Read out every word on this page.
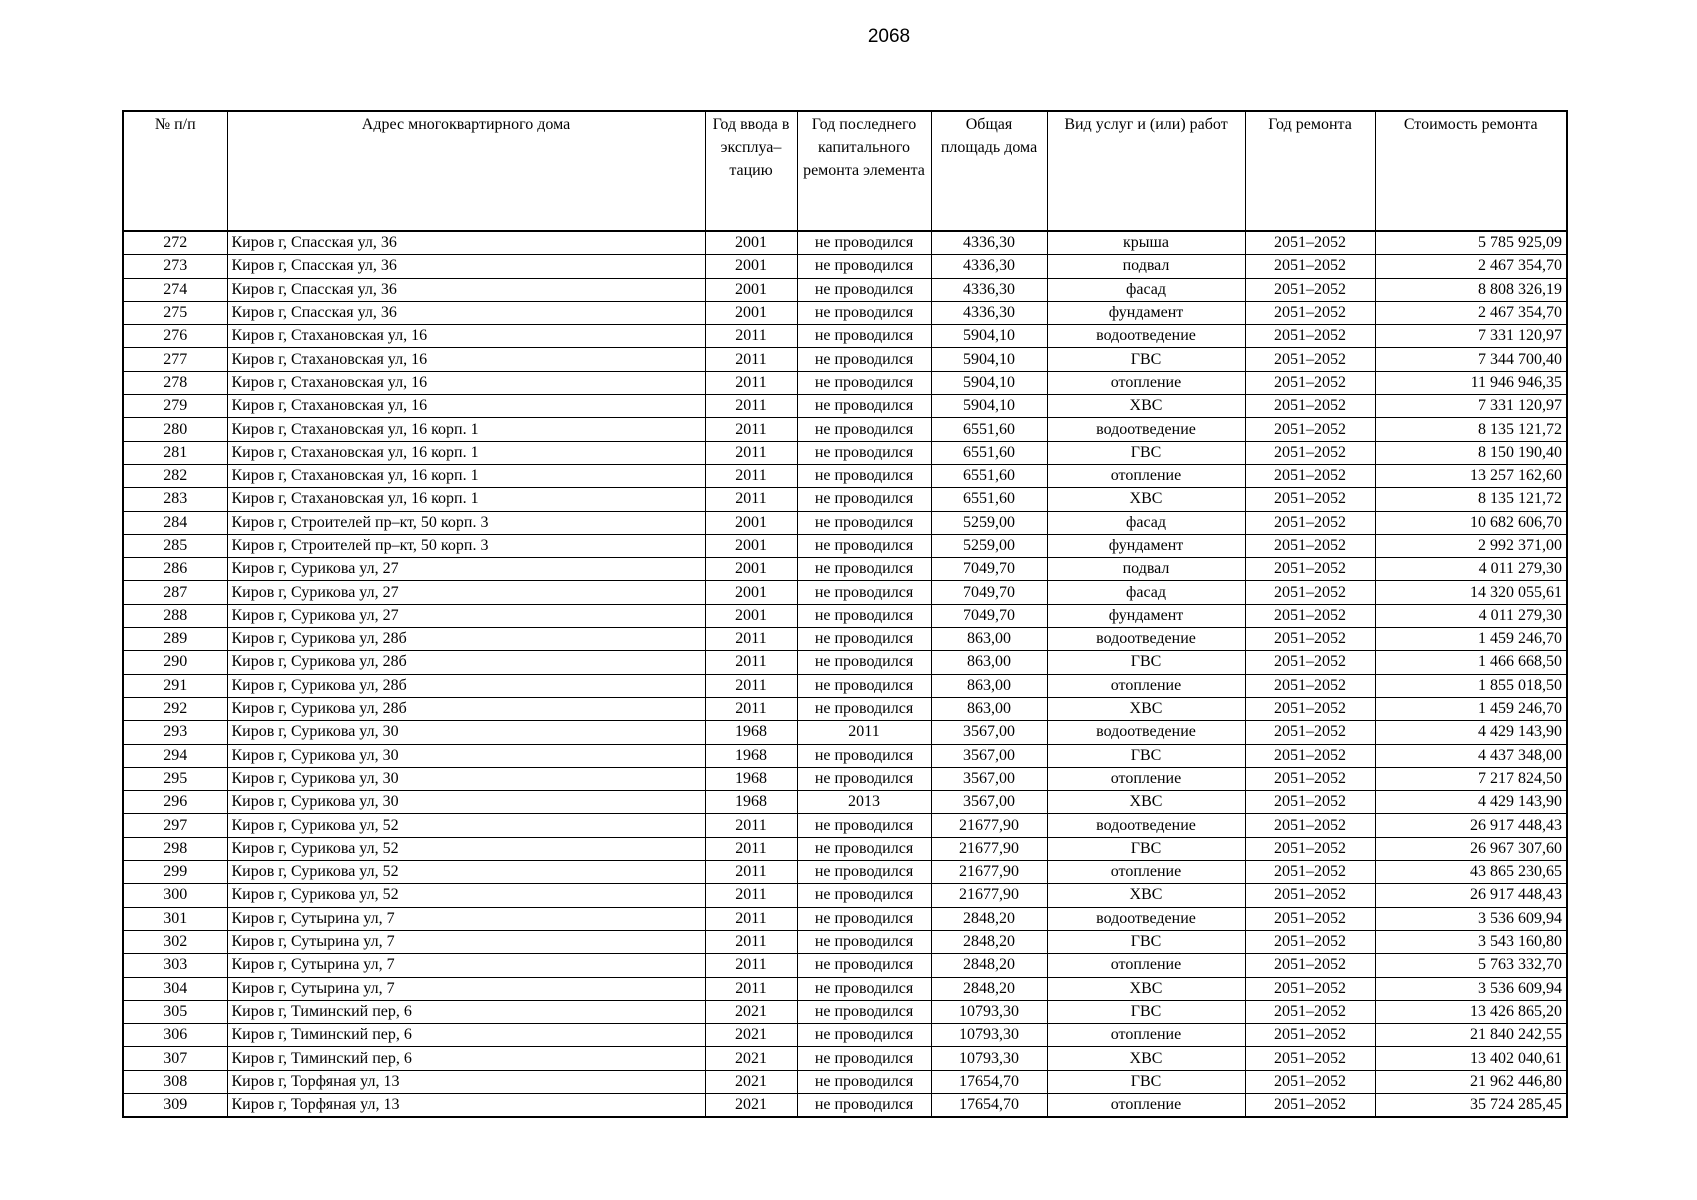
2068
№ п/п	Адрес многоквартирного дома	Год ввода в эксплуа– тацию	Год последнего капитального ремонта элемента	Общая площадь дома	Вид услуг и (или) работ	Год ремонта	Стоимость ремонта
272	Киров г, Спасская ул, 36	2001	не проводился	4336,30	крыша	2051–2052	5 785 925,09
273	Киров г, Спасская ул, 36	2001	не проводился	4336,30	подвал	2051–2052	2 467 354,70
274	Киров г, Спасская ул, 36	2001	не проводился	4336,30	фасад	2051–2052	8 808 326,19
275	Киров г, Спасская ул, 36	2001	не проводился	4336,30	фундамент	2051–2052	2 467 354,70
276	Киров г, Стахановская ул, 16	2011	не проводился	5904,10	водоотведение	2051–2052	7 331 120,97
277	Киров г, Стахановская ул, 16	2011	не проводился	5904,10	ГВС	2051–2052	7 344 700,40
278	Киров г, Стахановская ул, 16	2011	не проводился	5904,10	отопление	2051–2052	11 946 946,35
279	Киров г, Стахановская ул, 16	2011	не проводился	5904,10	ХВС	2051–2052	7 331 120,97
280	Киров г, Стахановская ул, 16 корп. 1	2011	не проводился	6551,60	водоотведение	2051–2052	8 135 121,72
281	Киров г, Стахановская ул, 16 корп. 1	2011	не проводился	6551,60	ГВС	2051–2052	8 150 190,40
282	Киров г, Стахановская ул, 16 корп. 1	2011	не проводился	6551,60	отопление	2051–2052	13 257 162,60
283	Киров г, Стахановская ул, 16 корп. 1	2011	не проводился	6551,60	ХВС	2051–2052	8 135 121,72
284	Киров г, Строителей пр–кт, 50 корп. 3	2001	не проводился	5259,00	фасад	2051–2052	10 682 606,70
285	Киров г, Строителей пр–кт, 50 корп. 3	2001	не проводился	5259,00	фундамент	2051–2052	2 992 371,00
286	Киров г, Сурикова ул, 27	2001	не проводился	7049,70	подвал	2051–2052	4 011 279,30
287	Киров г, Сурикова ул, 27	2001	не проводился	7049,70	фасад	2051–2052	14 320 055,61
288	Киров г, Сурикова ул, 27	2001	не проводился	7049,70	фундамент	2051–2052	4 011 279,30
289	Киров г, Сурикова ул, 28б	2011	не проводился	863,00	водоотведение	2051–2052	1 459 246,70
290	Киров г, Сурикова ул, 28б	2011	не проводился	863,00	ГВС	2051–2052	1 466 668,50
291	Киров г, Сурикова ул, 28б	2011	не проводился	863,00	отопление	2051–2052	1 855 018,50
292	Киров г, Сурикова ул, 28б	2011	не проводился	863,00	ХВС	2051–2052	1 459 246,70
293	Киров г, Сурикова ул, 30	1968	2011	3567,00	водоотведение	2051–2052	4 429 143,90
294	Киров г, Сурикова ул, 30	1968	не проводился	3567,00	ГВС	2051–2052	4 437 348,00
295	Киров г, Сурикова ул, 30	1968	не проводился	3567,00	отопление	2051–2052	7 217 824,50
296	Киров г, Сурикова ул, 30	1968	2013	3567,00	ХВС	2051–2052	4 429 143,90
297	Киров г, Сурикова ул, 52	2011	не проводился	21677,90	водоотведение	2051–2052	26 917 448,43
298	Киров г, Сурикова ул, 52	2011	не проводился	21677,90	ГВС	2051–2052	26 967 307,60
299	Киров г, Сурикова ул, 52	2011	не проводился	21677,90	отопление	2051–2052	43 865 230,65
300	Киров г, Сурикова ул, 52	2011	не проводился	21677,90	ХВС	2051–2052	26 917 448,43
301	Киров г, Сутырина ул, 7	2011	не проводился	2848,20	водоотведение	2051–2052	3 536 609,94
302	Киров г, Сутырина ул, 7	2011	не проводился	2848,20	ГВС	2051–2052	3 543 160,80
303	Киров г, Сутырина ул, 7	2011	не проводился	2848,20	отопление	2051–2052	5 763 332,70
304	Киров г, Сутырина ул, 7	2011	не проводился	2848,20	ХВС	2051–2052	3 536 609,94
305	Киров г, Тиминский пер, 6	2021	не проводился	10793,30	ГВС	2051–2052	13 426 865,20
306	Киров г, Тиминский пер, 6	2021	не проводился	10793,30	отопление	2051–2052	21 840 242,55
307	Киров г, Тиминский пер, 6	2021	не проводился	10793,30	ХВС	2051–2052	13 402 040,61
308	Киров г, Торфяная ул, 13	2021	не проводился	17654,70	ГВС	2051–2052	21 962 446,80
309	Киров г, Торфяная ул, 13	2021	не проводился	17654,70	отопление	2051–2052	35 724 285,45
